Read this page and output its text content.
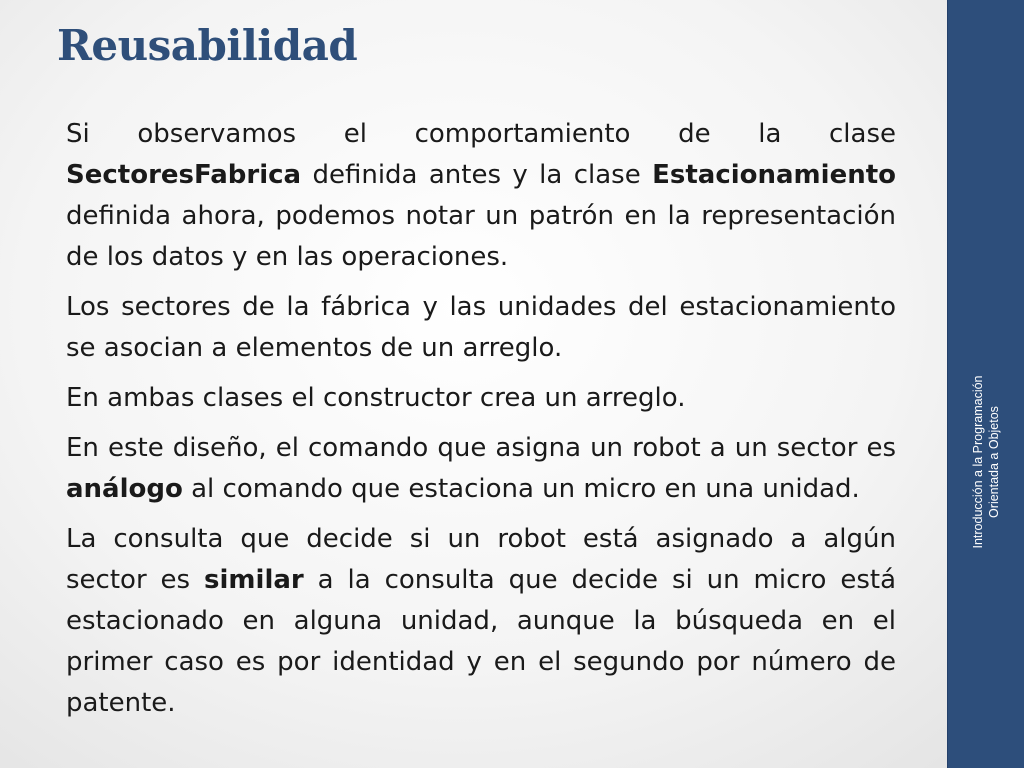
Reusabilidad

Si observamos el comportamiento de la clase SectoresFabrica definida antes y la clase Estacionamiento definida ahora, podemos notar un patrón en la representación de los datos y en las operaciones.

Los sectores de la fábrica y las unidades del estacionamiento se asocian a elementos de un arreglo.

En ambas clases el constructor crea un arreglo.

En este diseño, el comando que asigna un robot a un sector es análogo al comando que estaciona un micro en una unidad.

La consulta que decide si un robot está asignado a algún sector es similar a la consulta que decide si un micro está estacionado en alguna unidad, aunque la búsqueda en el primer caso es por identidad y en el segundo por número de patente.

Introducción a la Programación Orientada a Objetos
